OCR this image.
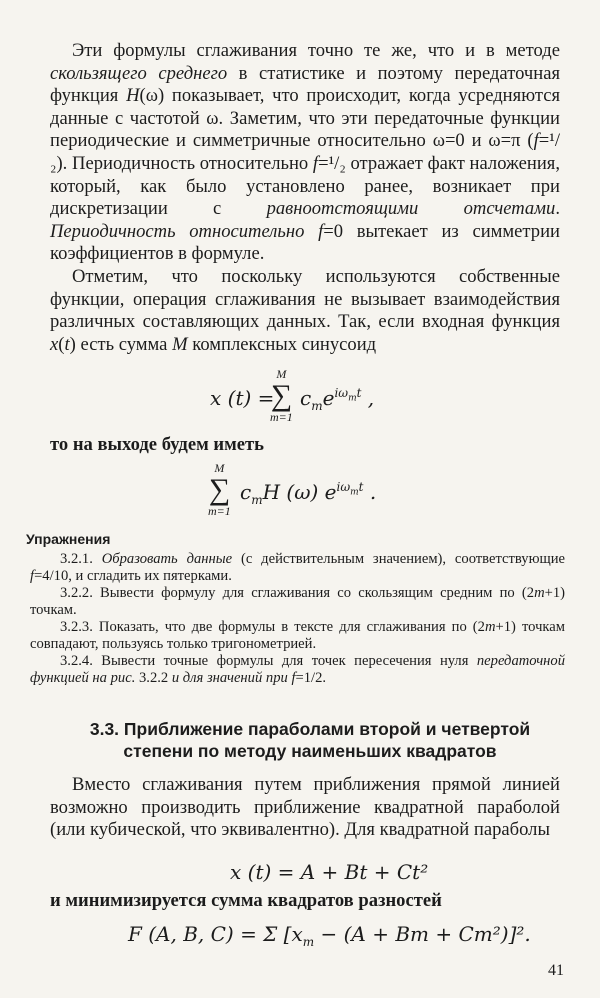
Эти формулы сглаживания точно те же, что и в методе скользящего среднего в статистике и поэтому передаточная функция H(ω) показывает, что происходит, когда усредняются данные с частотой ω. Заметим, что эти передаточные функции периодические и симметричные относительно ω=0 и ω=π (f=¹/₂). Периодичность относительно f=¹/₂ отражает факт наложения, который, как было установлено ранее, возникает при дискретизации с равноотстоящими отсчетами. Периодичность относительно f=0 вытекает из симметрии коэффициентов в формуле.

Отметим, что поскольку используются собственные функции, операция сглаживания не вызывает взаимодействия различных составляющих данных. Так, если входная функция x(t) есть сумма M комплексных синусоид

x (t) =
M
∑
m=1
$c_me^{i\omega_mt}$ ,

то на выходе будем иметь

M
∑
m=1
$c_mH$ (ω) $e^{i\omega_mt}$ .
Упражнения

3.2.1. Образовать данные (с действительным значением), соответствующие f=4/10, и сгладить их пятерками.

3.2.2. Вывести формулу для сглаживания со скользящим средним по (2m+1) точкам.

3.2.3. Показать, что две формулы в тексте для сглаживания по (2m+1) точкам совпадают, пользуясь только тригонометрией.

3.2.4. Вывести точные формулы для точек пересечения нуля передаточной функцией на рис. 3.2.2 и для значений при f=1/2.

3.3. Приближение параболами второй и четвертой степени по методу наименьших квадратов

Вместо сглаживания путем приближения прямой линией возможно производить приближение квадратной параболой (или кубической, что эквивалентно). Для квадратной параболы

x (t) = A + Bt + Ct²

и минимизируется сумма квадратов разностей

F (A, B, C) = Σ $[x_m - (A + Bm + Cm^2)]^2$.
41
